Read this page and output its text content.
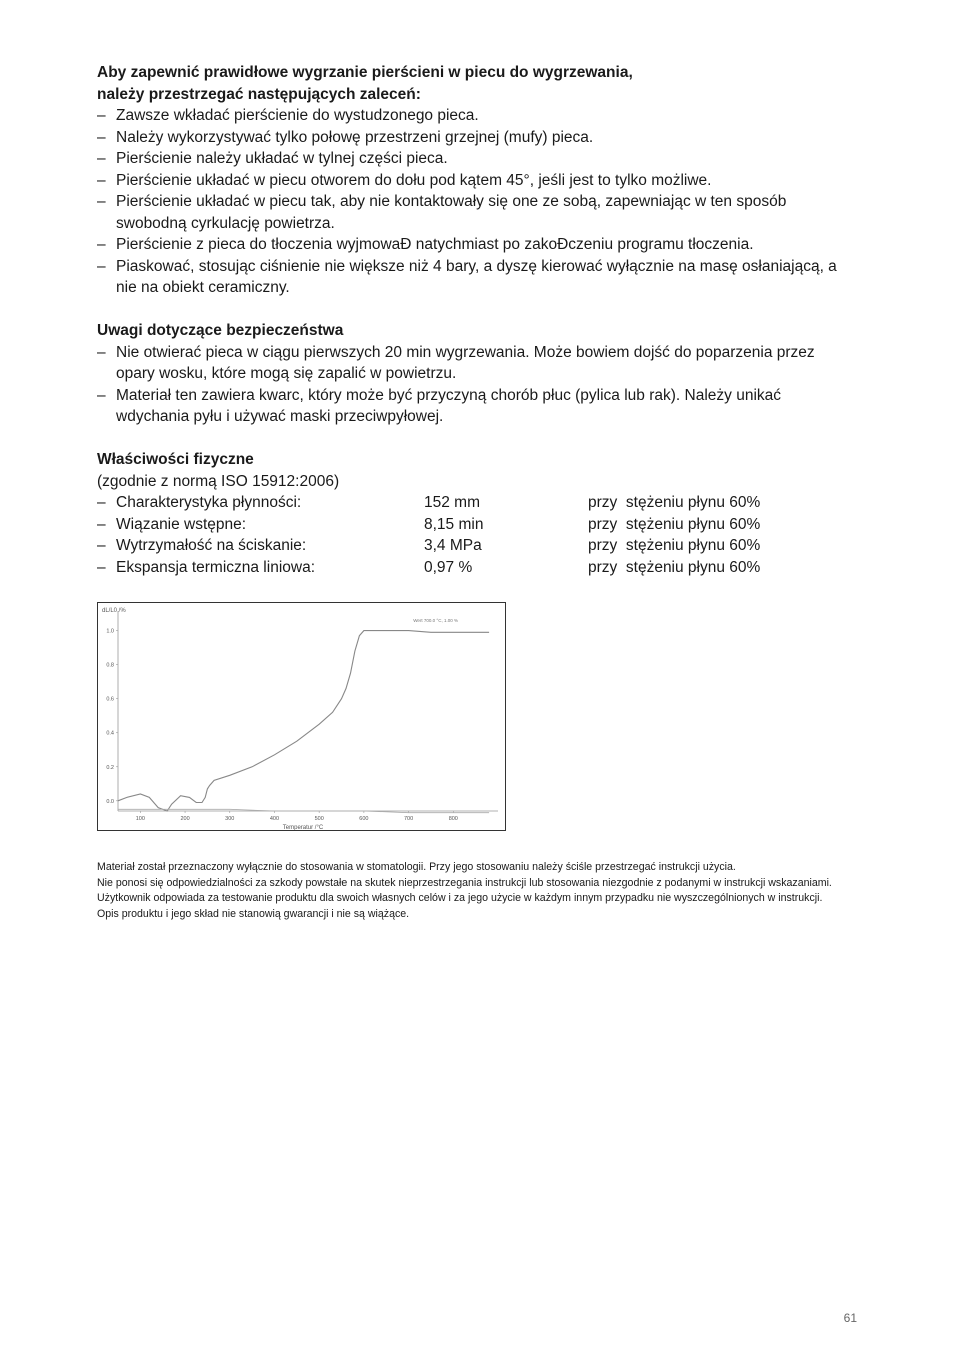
Aby zapewnić prawidłowe wygrzanie pierścieni w piecu do wygrzewania,
należy przestrzegać następujących zaleceń:

– Zawsze wkładać pierścienie do wystudzonego pieca.
– Należy wykorzystywać tylko połowę przestrzeni grzejnej (mufy) pieca.
– Pierścienie należy układać w tylnej części pieca.
– Pierścienie układać w piecu otworem do dołu pod kątem 45°, jeśli jest to tylko możliwe.
– Pierścienie układać w piecu tak, aby nie kontaktowały się one ze sobą, zapewniając w ten sposób swobodną cyrkulację powietrza.
– Pierścienie z pieca do tłoczenia wyjmowaĐ natychmiast po zakoĐczeniu programu tłoczenia.
– Piaskować, stosując ciśnienie nie większe niż 4 bary, a dyszę kierować wyłącznie na masę osłaniającą, a nie na obiekt ceramiczny.

Uwagi dotyczące bezpieczeństwa

– Nie otwierać pieca w ciągu pierwszych 20 min wygrzewania. Może bowiem dojść do poparzenia przez opary wosku, które mogą się zapalić w powietrzu.
– Materiał ten zawiera kwarc, który może być przyczyną chorób płuc (pylica lub rak). Należy unikać wdychania pyłu i używać maski przeciwpyłowej.

Właściwości fizyczne

(zgodnie z normą ISO 15912:2006)
– Charakterystyka płynności:	152 mm	przy  stężeniu płynu 60%
– Wiązanie wstępne:	8,15 min	przy  stężeniu płynu 60%
– Wytrzymałość na ściskanie:	3,4 MPa	przy  stężeniu płynu 60%
– Ekspansja termiczna liniowa:	0,97 %	przy  stężeniu płynu 60%
0.0
0.2
0.4
0.6
0.8
1.0
100	200	300	400	500	600	700	800
dL/L0 /%
Temperatur /°C
Wert 700.0 °C, 1.00 %
Materiał został przeznaczony wyłącznie do stosowania w stomatologii. Przy jego stosowaniu należy ściśle przestrzegać instrukcji użycia.
Nie ponosi się odpowiedzialności za szkody powstałe na skutek nieprzestrzegania instrukcji lub stosowania niezgodnie z podanymi w instrukcji wskazaniami. Użytkownik odpowiada za testowanie produktu dla swoich własnych celów i za jego użycie w każdym innym przypadku nie wyszczególnionych w instrukcji. Opis produktu i jego skład nie stanowią gwarancji i nie są wiążące.
61
